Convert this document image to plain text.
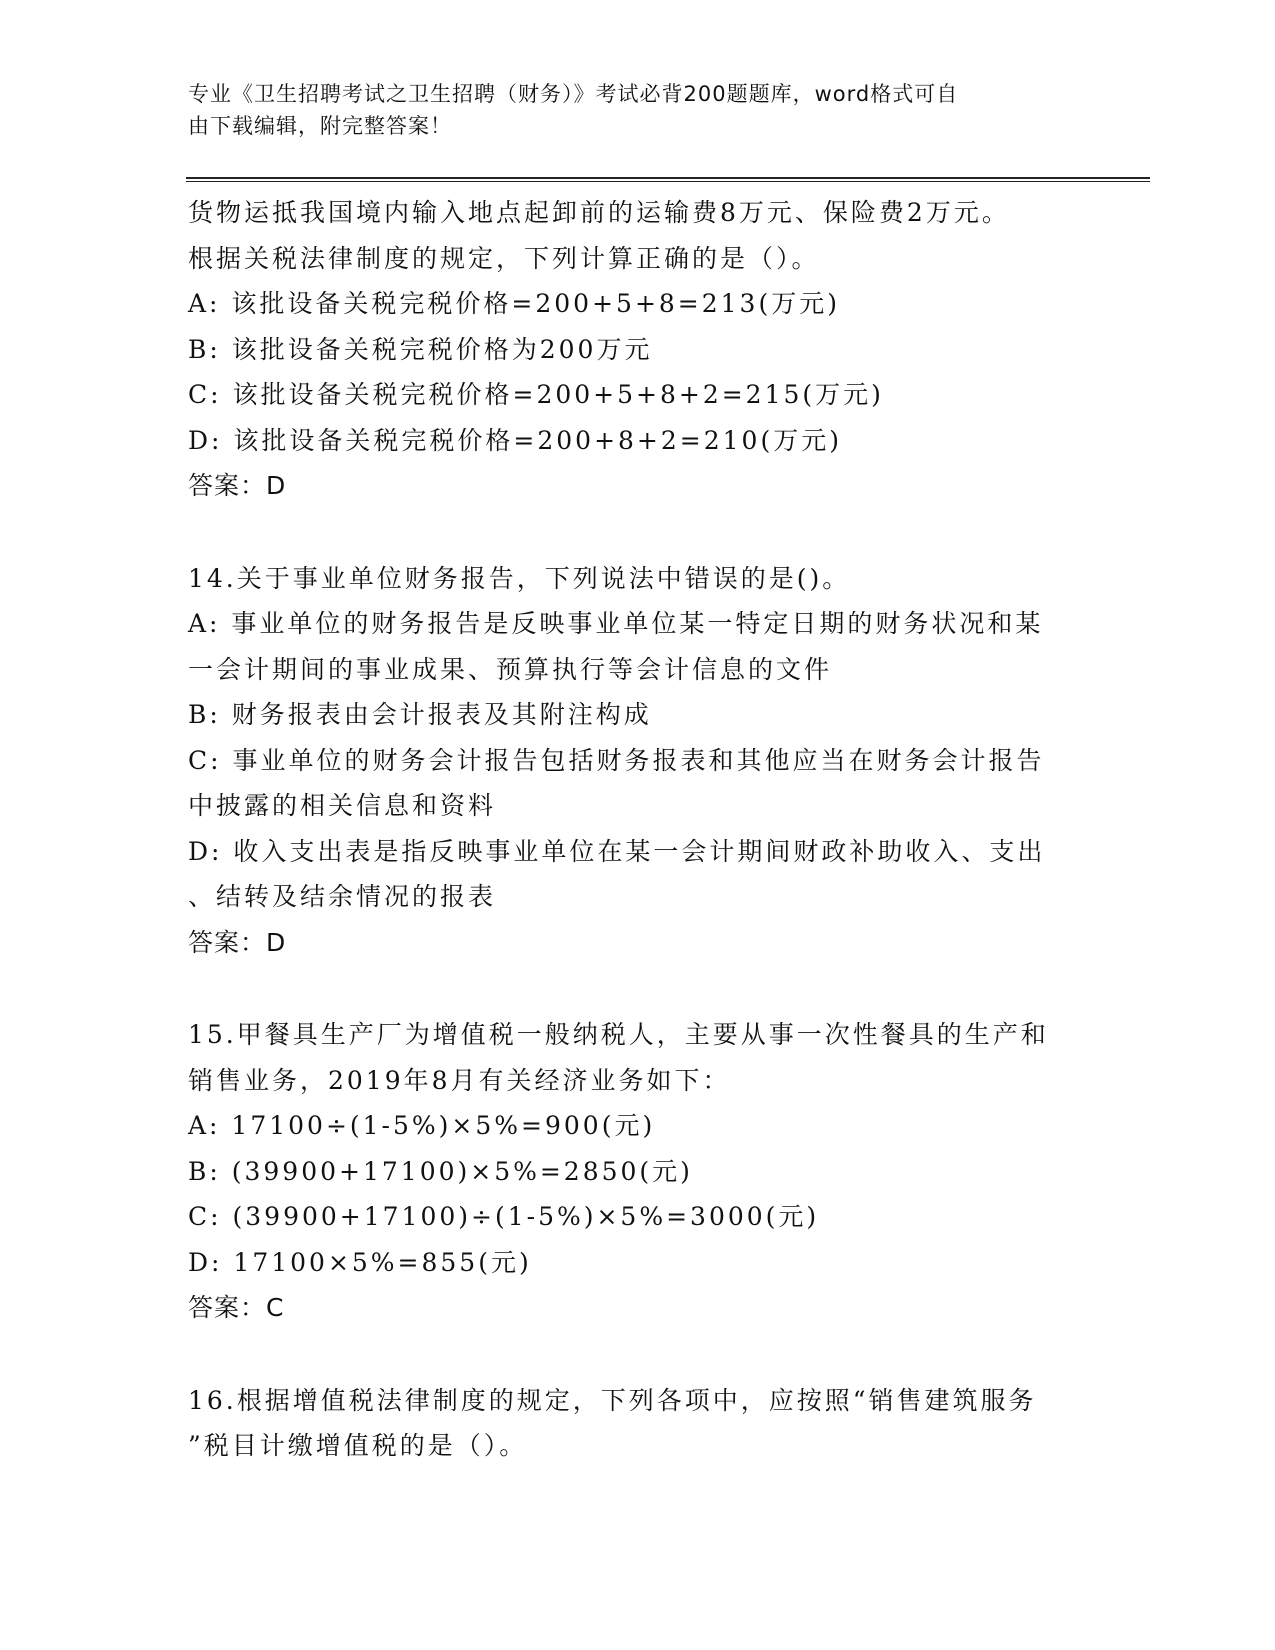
专业《卫生招聘考试之卫生招聘（财务）》考试必背200题题库，word格式可自
由下载编辑，附完整答案！
货物运抵我国境内输入地点起卸前的运输费8万元、保险费2万元。
根据关税法律制度的规定，下列计算正确的是（）。
A: 该批设备关税完税价格=200+5+8=213(万元)
B: 该批设备关税完税价格为200万元
C: 该批设备关税完税价格=200+5+8+2=215(万元)
D: 该批设备关税完税价格=200+8+2=210(万元)
答案：D
14.关于事业单位财务报告，下列说法中错误的是()。
A: 事业单位的财务报告是反映事业单位某一特定日期的财务状况和某
一会计期间的事业成果、预算执行等会计信息的文件
B: 财务报表由会计报表及其附注构成
C: 事业单位的财务会计报告包括财务报表和其他应当在财务会计报告
中披露的相关信息和资料
D: 收入支出表是指反映事业单位在某一会计期间财政补助收入、支出
、结转及结余情况的报表
答案：D
15.甲餐具生产厂为增值税一般纳税人，主要从事一次性餐具的生产和
销售业务，2019年8月有关经济业务如下：
A: 17100÷(1-5%)×5%=900(元)
B: (39900+17100)×5%=2850(元)
C: (39900+17100)÷(1-5%)×5%=3000(元)
D: 17100×5%=855(元)
答案：C
16.根据增值税法律制度的规定，下列各项中，应按照“销售建筑服务
”税目计缴增值税的是（）。
